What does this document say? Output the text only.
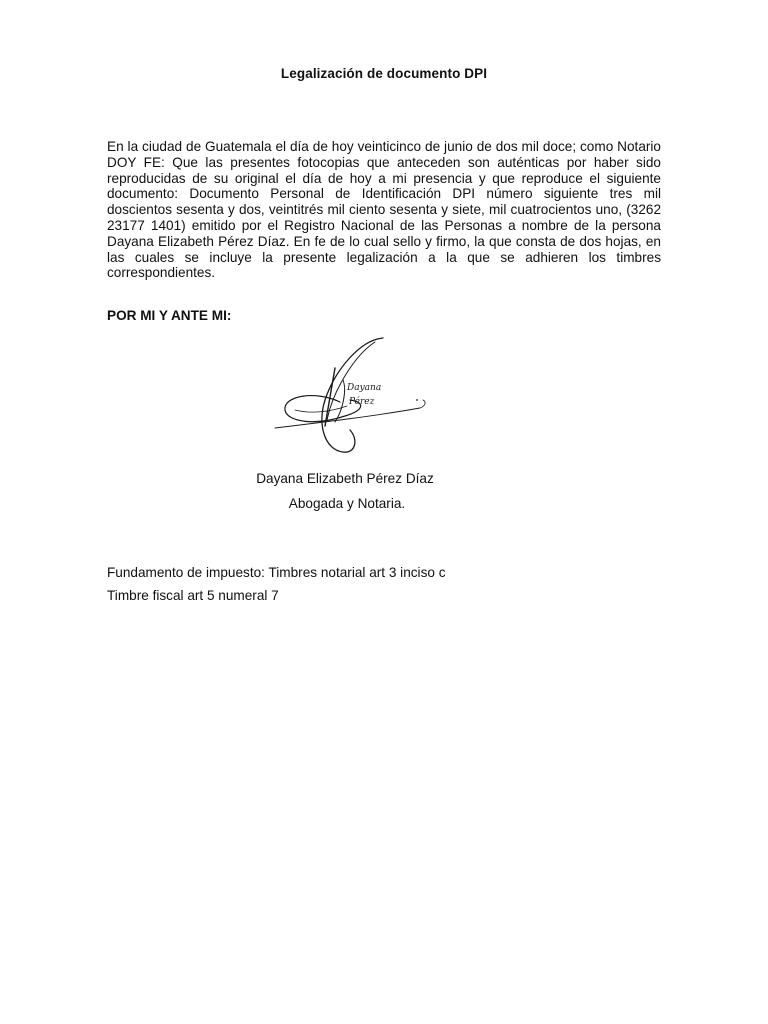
Legalización de documento DPI
En la ciudad de Guatemala el día de hoy veinticinco de junio de dos mil doce; como Notario DOY FE: Que las presentes fotocopias que anteceden son auténticas por haber sido reproducidas de su original el día de hoy a mi presencia y que reproduce el siguiente documento: Documento Personal de Identificación DPI número siguiente tres mil doscientos sesenta y dos, veintitrés mil ciento sesenta y siete, mil cuatrocientos uno, (3262 23177 1401) emitido por el Registro Nacional de las Personas a nombre de la persona Dayana Elizabeth Pérez Díaz. En fe de lo cual sello y firmo, la que consta de dos hojas, en las cuales se incluye la presente legalización a la que se adhieren los timbres correspondientes.
POR MI Y ANTE MI:
Dayana
Pérez
Dayana Elizabeth Pérez Díaz
Abogada y Notaria.
Fundamento de impuesto: Timbres notarial art 3 inciso c
Timbre fiscal art 5 numeral 7
